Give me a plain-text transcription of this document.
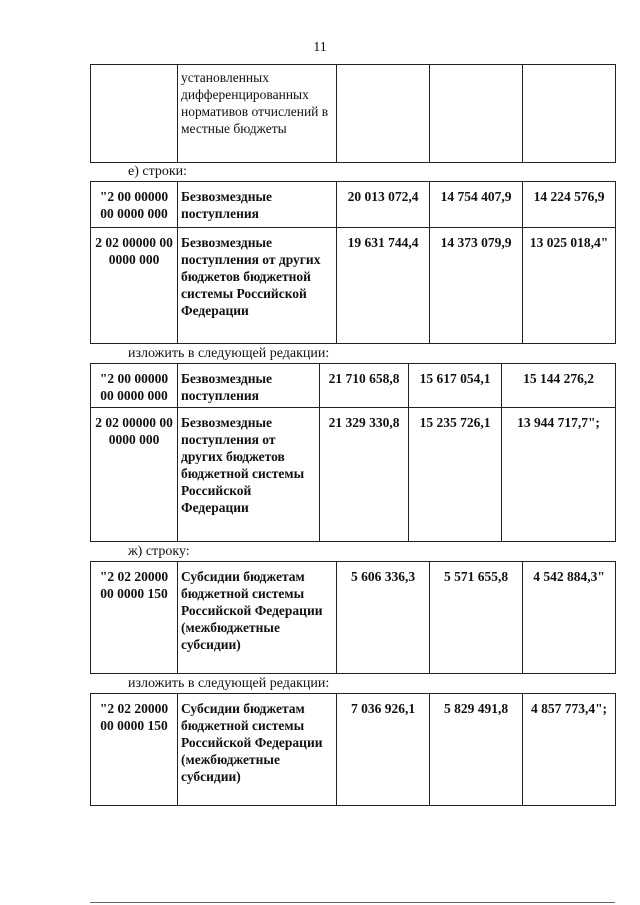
11
	установленных дифференцированных нормативов отчислений в местные бюджеты			
е) строки:
"2 00 00000 00 0000 000	Безвозмездные поступления	20 013 072,4	14 754 407,9	14 224 576,9
2 02 00000 00 0000 000	Безвозмездные поступления от других бюджетов бюджетной системы Российской Федерации	19 631 744,4	14 373 079,9	13 025 018,4"
изложить в следующей редакции:
"2 00 00000 00 0000 000	Безвозмездные поступления	21 710 658,8	15 617 054,1	15 144 276,2
2 02 00000 00 0000 000	Безвозмездные поступления от других бюджетов бюджетной системы Российской Федерации	21 329 330,8	15 235 726,1	13 944 717,7";
ж) строку:
"2 02 20000 00 0000 150	Субсидии бюджетам бюджетной системы Российской Федерации (межбюджетные субсидии)	5 606 336,3	5 571 655,8	4 542 884,3"
изложить в следующей редакции:
"2 02 20000 00 0000 150	Субсидии бюджетам бюджетной системы Российской Федерации (межбюджетные субсидии)	7 036 926,1	5 829 491,8	4 857 773,4";
